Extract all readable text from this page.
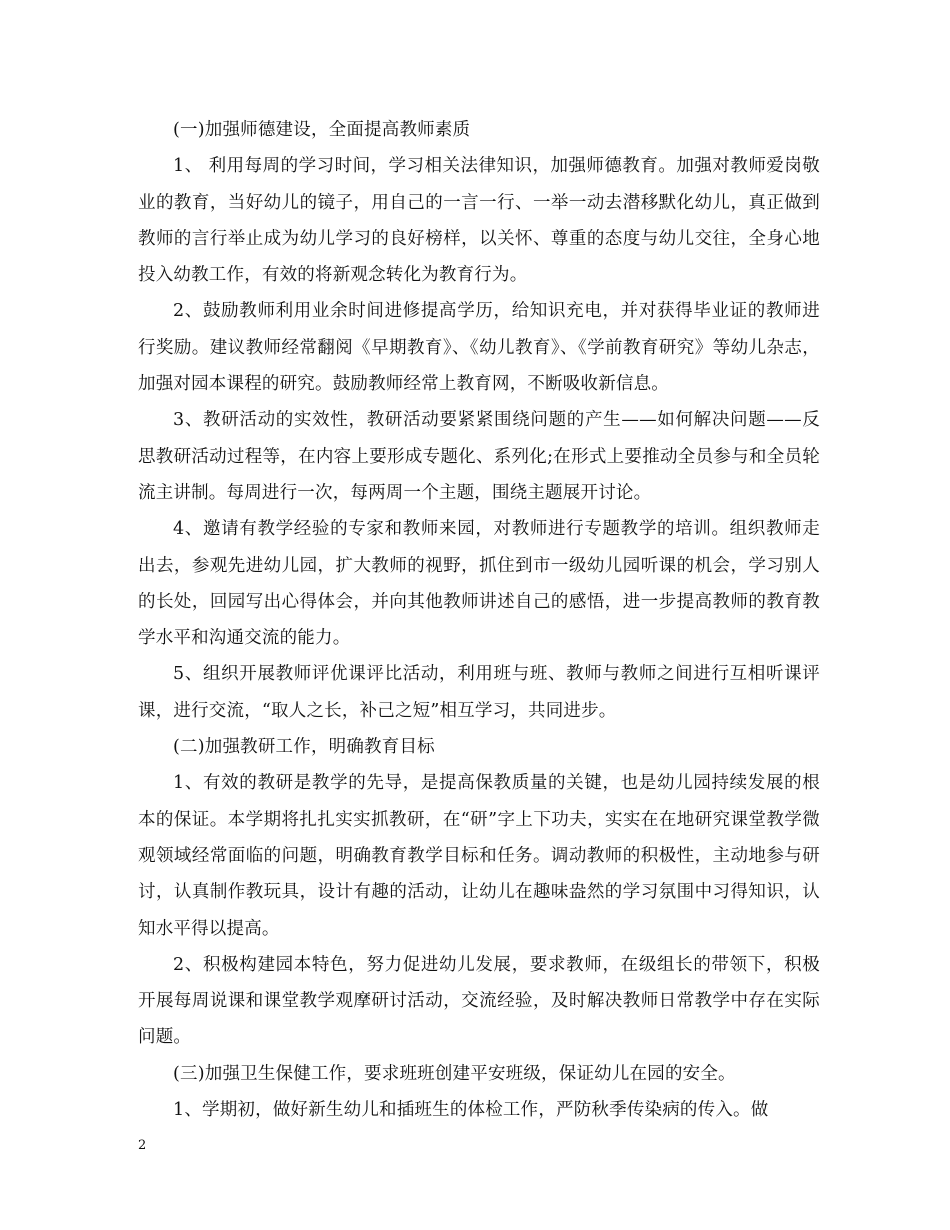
(一)加强师德建设，全面提高教师素质

1、 利用每周的学习时间，学习相关法律知识，加强师德教育。加强对教师爱岗敬业的教育，当好幼儿的镜子，用自己的一言一行、一举一动去潜移默化幼儿，真正做到教师的言行举止成为幼儿学习的良好榜样，以关怀、尊重的态度与幼儿交往，全身心地投入幼教工作，有效的将新观念转化为教育行为。

2、鼓励教师利用业余时间进修提高学历，给知识充电，并对获得毕业证的教师进行奖励。建议教师经常翻阅《早期教育》、《幼儿教育》、《学前教育研究》等幼儿杂志，加强对园本课程的研究。鼓励教师经常上教育网，不断吸收新信息。

3、教研活动的实效性，教研活动要紧紧围绕问题的产生——如何解决问题——反思教研活动过程等，在内容上要形成专题化、系列化;在形式上要推动全员参与和全员轮流主讲制。每周进行一次，每两周一个主题，围绕主题展开讨论。

4、邀请有教学经验的专家和教师来园，对教师进行专题教学的培训。组织教师走出去，参观先进幼儿园，扩大教师的视野，抓住到市一级幼儿园听课的机会，学习别人的长处，回园写出心得体会，并向其他教师讲述自己的感悟，进一步提高教师的教育教学水平和沟通交流的能力。

5、组织开展教师评优课评比活动，利用班与班、教师与教师之间进行互相听课评课，进行交流，“取人之长，补己之短”相互学习，共同进步。

(二)加强教研工作，明确教育目标

1、有效的教研是教学的先导，是提高保教质量的关键，也是幼儿园持续发展的根本的保证。本学期将扎扎实实抓教研，在“研”字上下功夫，实实在在地研究课堂教学微观领域经常面临的问题，明确教育教学目标和任务。调动教师的积极性，主动地参与研讨，认真制作教玩具，设计有趣的活动，让幼儿在趣味盎然的学习氛围中习得知识，认知水平得以提高。

2、积极构建园本特色，努力促进幼儿发展，要求教师，在级组长的带领下，积极开展每周说课和课堂教学观摩研讨活动，交流经验，及时解决教师日常教学中存在实际问题。

(三)加强卫生保健工作，要求班班创建平安班级，保证幼儿在园的安全。

1、学期初，做好新生幼儿和插班生的体检工作，严防秋季传染病的传入。做

2
